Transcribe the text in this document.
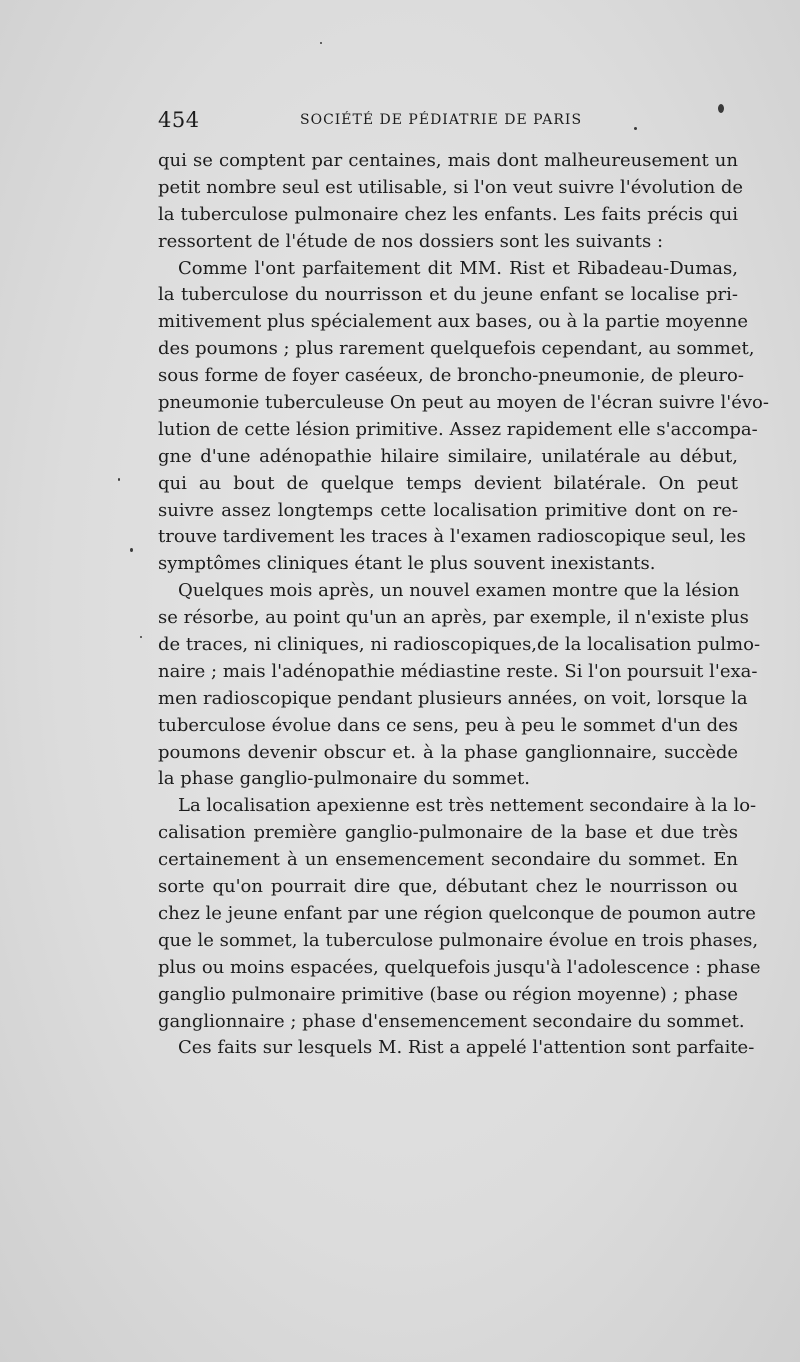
454	SOCIÉTÉ DE PÉDIATRIE DE PARIS
qui se comptent par centaines, mais dont malheureusement un
petit nombre seul est utilisable, si l'on veut suivre l'évolution de
la tuberculose pulmonaire chez les enfants. Les faits précis qui
ressortent de l'étude de nos dossiers sont les suivants :
Comme l'ont parfaitement dit MM. Rist et Ribadeau-Dumas,
la tuberculose du nourrisson et du jeune enfant se localise pri-
mitivement plus spécialement aux bases, ou à la partie moyenne
des poumons ; plus rarement quelquefois cependant, au sommet,
sous forme de foyer caséeux, de broncho-pneumonie, de pleuro-
pneumonie tuberculeuse On peut au moyen de l'écran suivre l'évo-
lution de cette lésion primitive. Assez rapidement elle s'accompa-
gne d'une adénopathie hilaire similaire, unilatérale au début,
qui au bout de quelque temps devient bilatérale. On peut
suivre assez longtemps cette localisation primitive dont on re-
trouve tardivement les traces à l'examen radioscopique seul, les
symptômes cliniques étant le plus souvent inexistants.
Quelques mois après, un nouvel examen montre que la lésion
se résorbe, au point qu'un an après, par exemple, il n'existe plus
de traces, ni cliniques, ni radioscopiques,de la localisation pulmo-
naire ; mais l'adénopathie médiastine reste. Si l'on poursuit l'exa-
men radioscopique pendant plusieurs années, on voit, lorsque la
tuberculose évolue dans ce sens, peu à peu le sommet d'un des
poumons devenir obscur et. à la phase ganglionnaire, succède
la phase ganglio-pulmonaire du sommet.
La localisation apexienne est très nettement secondaire à la lo-
calisation première ganglio-pulmonaire de la base et due très
certainement à un ensemencement secondaire du sommet. En
sorte qu'on pourrait dire que, débutant chez le nourrisson ou
chez le jeune enfant par une région quelconque de poumon autre
que le sommet, la tuberculose pulmonaire évolue en trois phases,
plus ou moins espacées, quelquefois jusqu'à l'adolescence : phase
ganglio pulmonaire primitive (base ou région moyenne) ; phase
ganglionnaire ; phase d'ensemencement secondaire du sommet.
Ces faits sur lesquels M. Rist a appelé l'attention sont parfaite-
